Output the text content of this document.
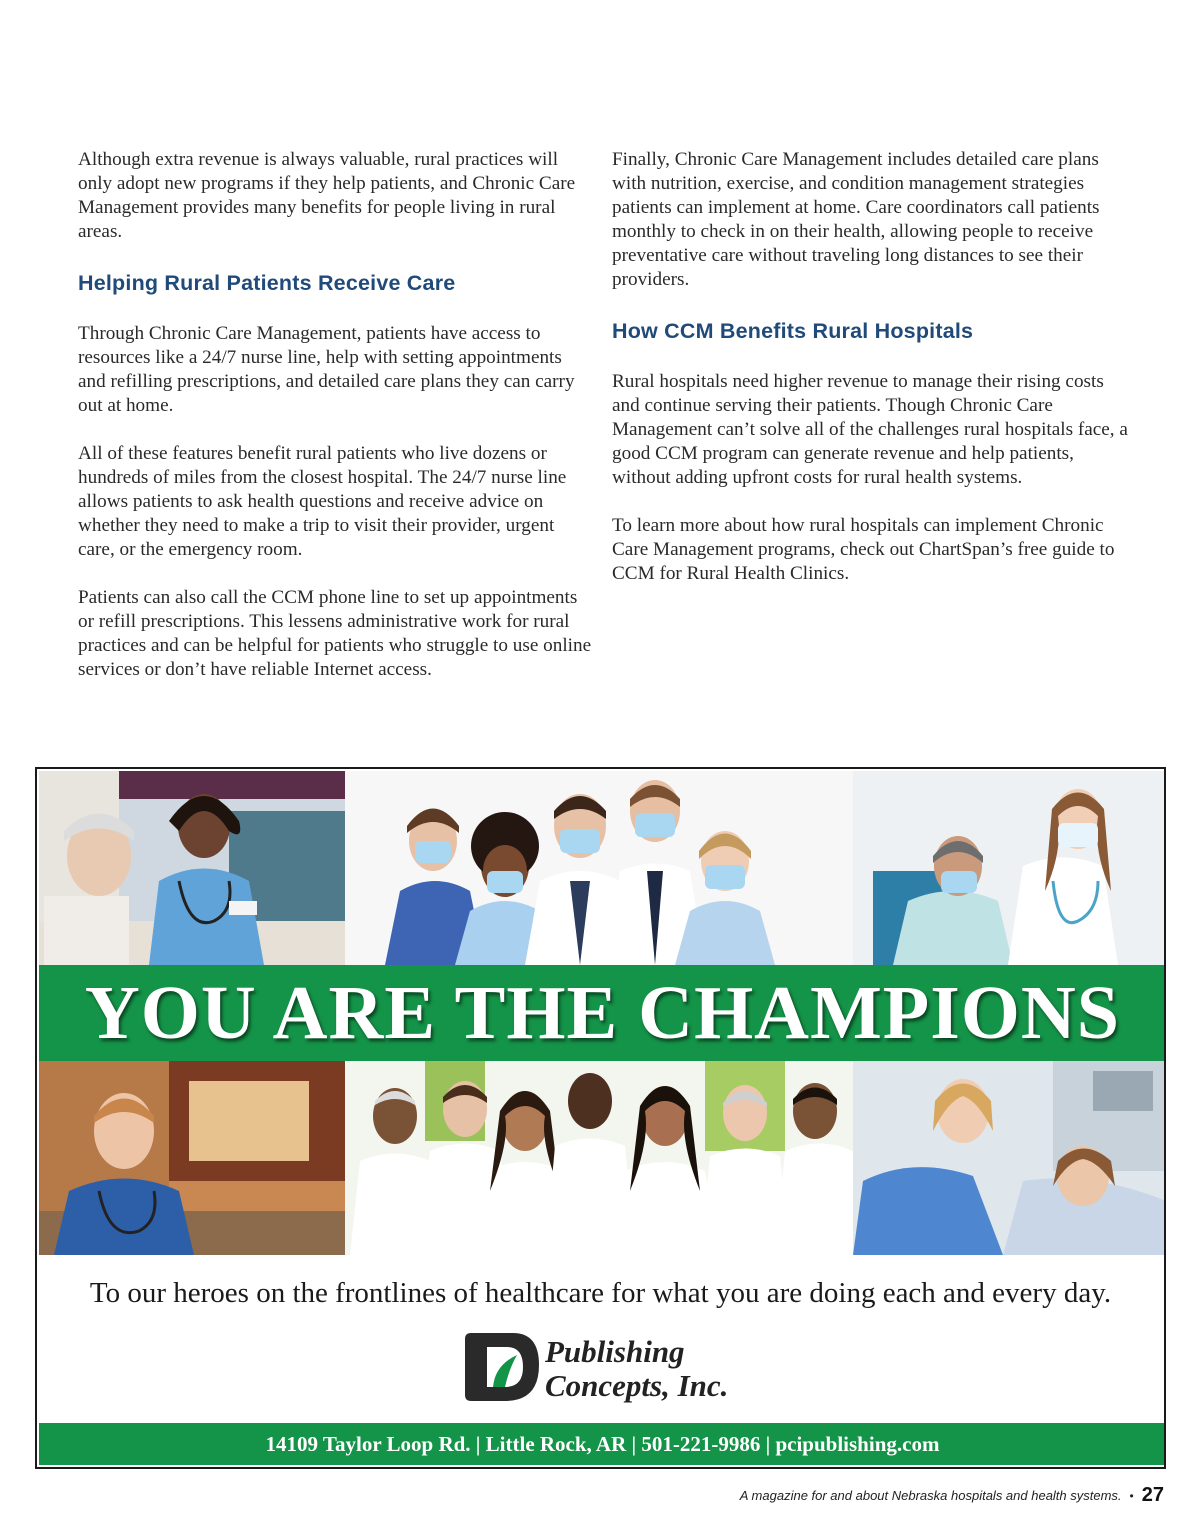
Although extra revenue is always valuable, rural practices will only adopt new programs if they help patients, and Chronic Care Management provides many benefits for people living in rural areas.

Helping Rural Patients Receive Care

Through Chronic Care Management, patients have access to resources like a 24/7 nurse line, help with setting appointments and refilling prescriptions, and detailed care plans they can carry out at home.

All of these features benefit rural patients who live dozens or hundreds of miles from the closest hospital. The 24/7 nurse line allows patients to ask health questions and receive advice on whether they need to make a trip to visit their provider, urgent care, or the emergency room.

Patients can also call the CCM phone line to set up appointments or refill prescriptions. This lessens administrative work for rural practices and can be helpful for patients who struggle to use online services or don’t have reliable Internet access.

Finally, Chronic Care Management includes detailed care plans with nutrition, exercise, and condition management strategies patients can implement at home. Care coordinators call patients monthly to check in on their health, allowing people to receive preventative care without traveling long distances to see their providers.

How CCM Benefits Rural Hospitals

Rural hospitals need higher revenue to manage their rising costs and continue serving their patients. Though Chronic Care Management can’t solve all of the challenges rural hospitals face, a good CCM program can generate revenue and help patients, without adding upfront costs for rural health systems.

To learn more about how rural hospitals can implement Chronic Care Management programs, check out ChartSpan’s free guide to CCM for Rural Health Clinics.

YOU ARE THE CHAMPIONS
To our heroes on the frontlines of healthcare for what you are doing each and every day.
Publishing
Concepts, Inc.
14109 Taylor Loop Rd. | Little Rock, AR | 501-221-9986 | pcipublishing.com
A magazine for and about Nebraska hospitals and health systems. • 27
